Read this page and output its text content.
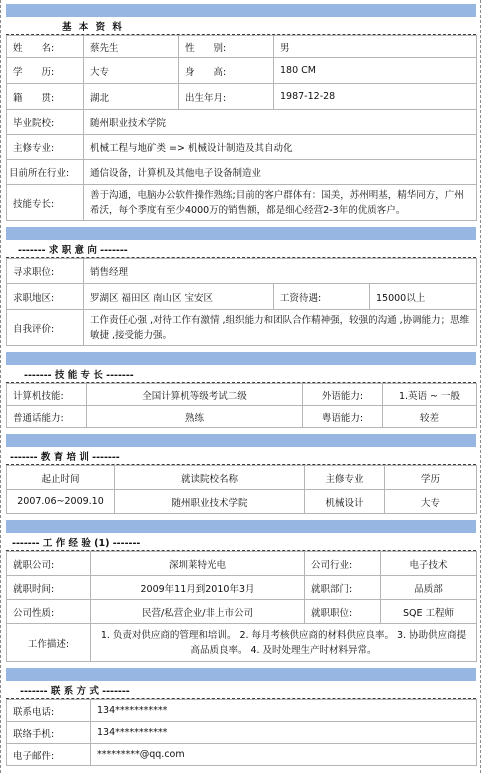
基 本 资 料
姓　　名:	蔡先生	性　　别:	男
学　　历:	大专	身　　高:	180 CM
籍　　贯:	湖北	出生年月:	1987-12-28
毕业院校:	随州职业技术学院		
主修专业:	机械工程与地矿类 => 机械设计制造及其自动化		
目前所在行业:	通信设备，计算机及其他电子设备制造业		
技能专长:	善于沟通，电脑办公软件操作熟练;目前的客户群体有：国美，苏州明基，精华同方，广州希沃，每个季度有至少4000万的销售额，都是细心经营2-3年的优质客户。		
------- 求 职 意 向 -------
寻求职位:	销售经理		
求职地区:	罗湖区 福田区 南山区 宝安区	工资待遇:	15000以上
自我评价:	工作责任心强 ,对待工作有激情 ,组织能力和团队合作精神强，较强的沟通 ,协调能力；思维敏捷 ,接受能力强。		
------- 技 能 专 长 -------
计算机技能:	全国计算机等级考试二级	外语能力:	1.英语 ~ 一般
普通话能力:	熟练	粤语能力:	较差
------- 教 育 培 训 -------
起止时间	就读院校名称	主修专业	学历
2007.06~2009.10	随州职业技术学院	机械设计	大专
------- 工 作 经 验 (1) -------
就职公司:	深圳莱特光电	公司行业:	电子技术
就职时间:	2009年11月到2010年3月	就职部门:	品质部
公司性质:	民营/私营企业/非上市公司	就职职位:	SQE 工程师
工作描述:	1. 负责对供应商的管理和培训。 2. 每月考核供应商的材料供应良率。 3. 协助供应商提高品质良率。 4. 及时处理生产时材料异常。		
------- 联 系 方 式 -------
联系电话:	134***********
联络手机:	134***********
电子邮件:	*********@qq.com
